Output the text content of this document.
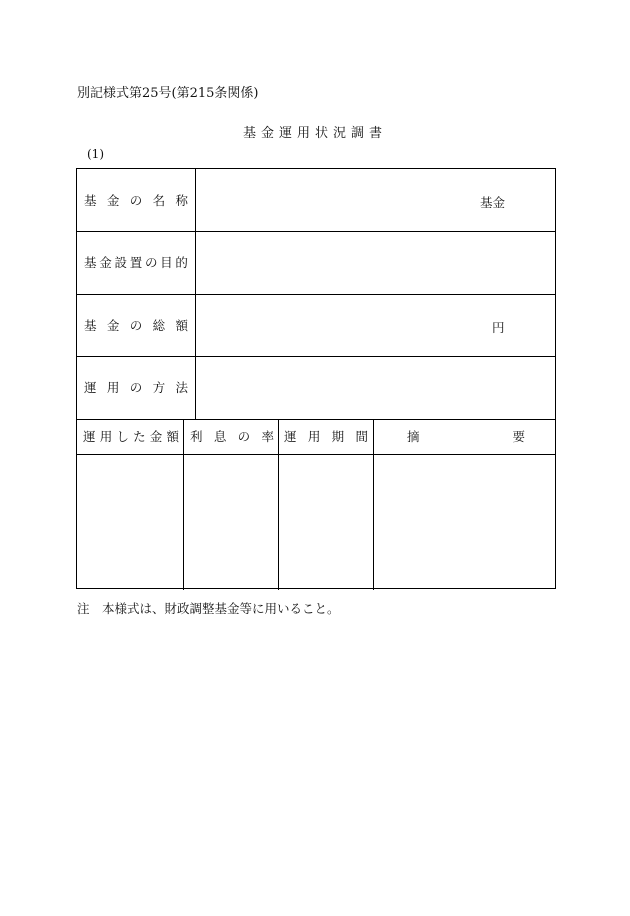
別記様式第25号(第215条関係)
基金運用状況調書
(1)
基 金 の 名 称
基 金 設 置 の 目 的
基 金 の 総 額
運 用 の 方 法
基金
円
運 用 し た 金 額 利 息 の 率 運 用 期 間	摘	要
注　本様式は、財政調整基金等に用いること。
